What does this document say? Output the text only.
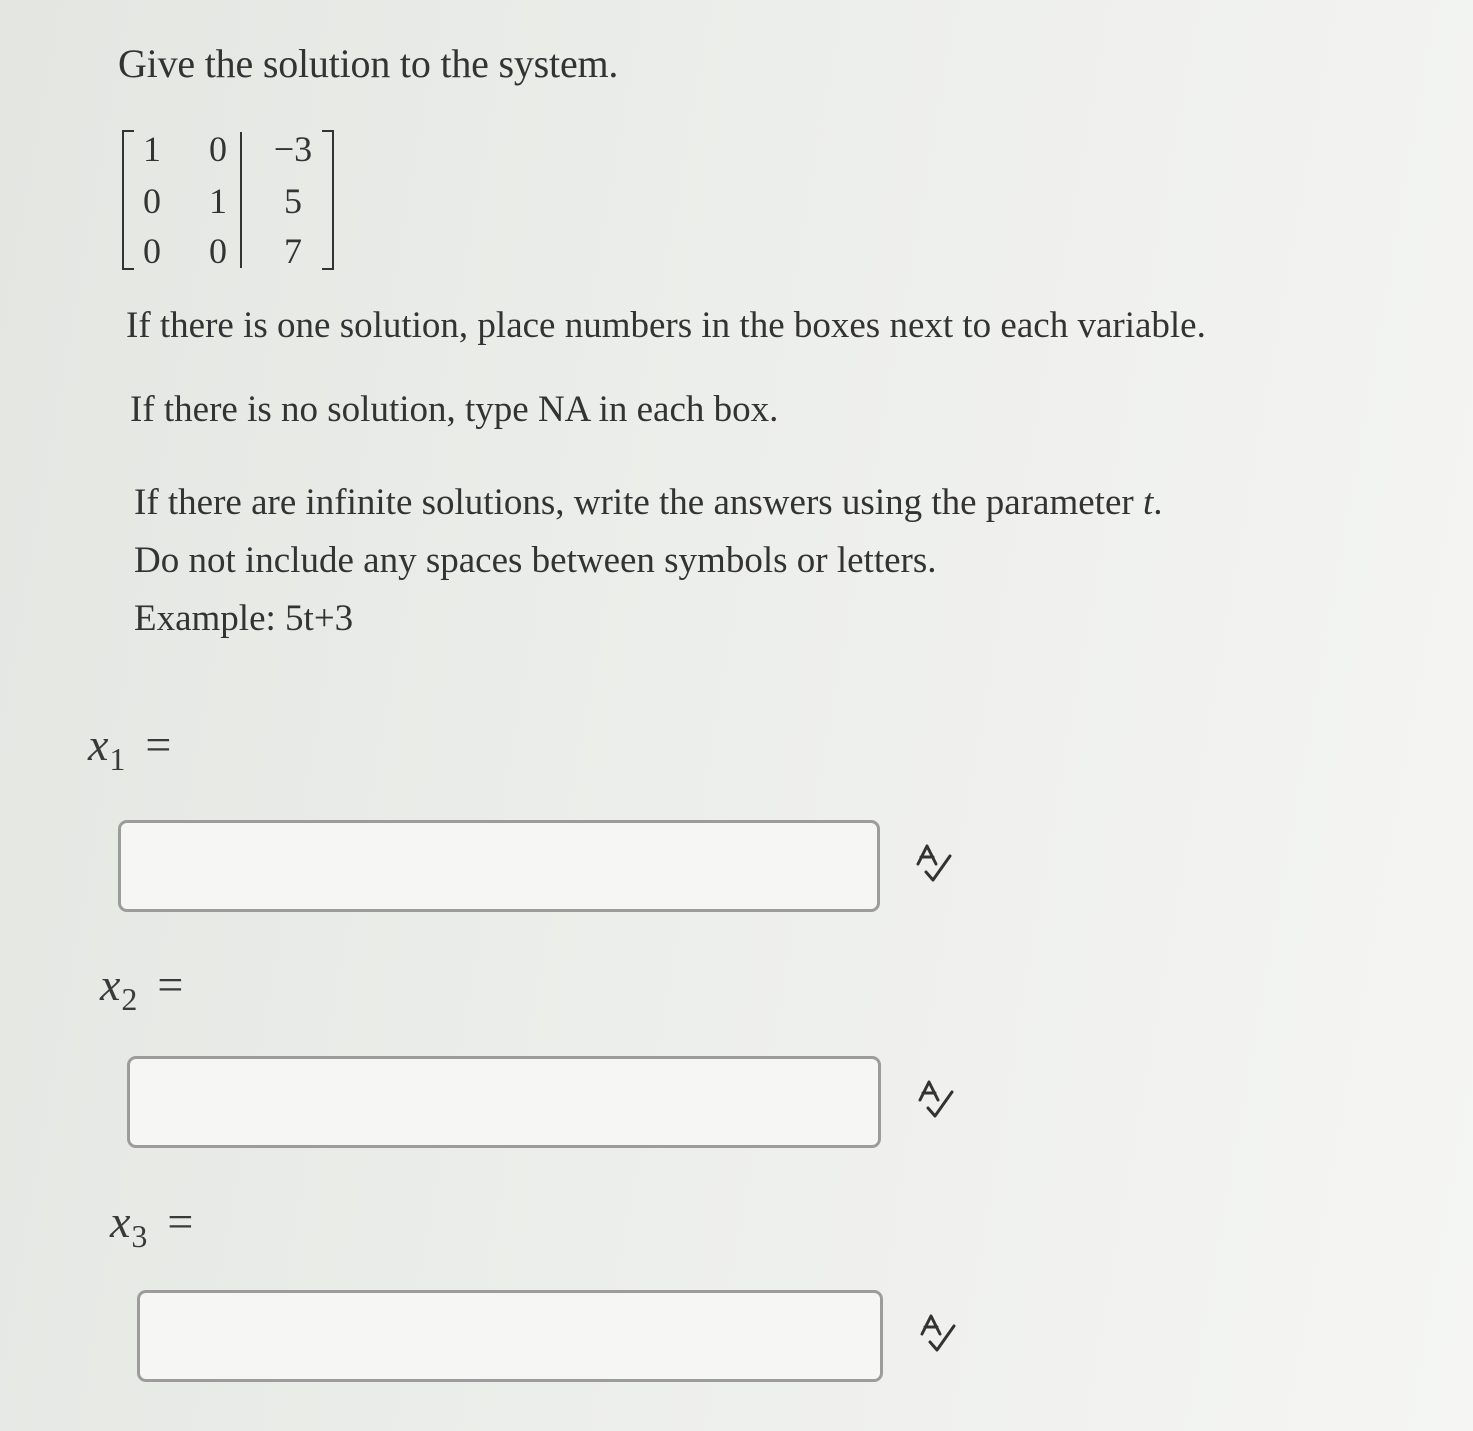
Give the solution to the system.
1	0	−3
0	1	5
0	0	7
If there is one solution, place numbers in the boxes next to each variable.
If there is no solution, type NA in each box.
If there are infinite solutions, write the answers using the parameter t.
Do not include any spaces between symbols or letters.
Example: 5t+3
$x_1$ =
$x_2$ =
$x_3$ =
